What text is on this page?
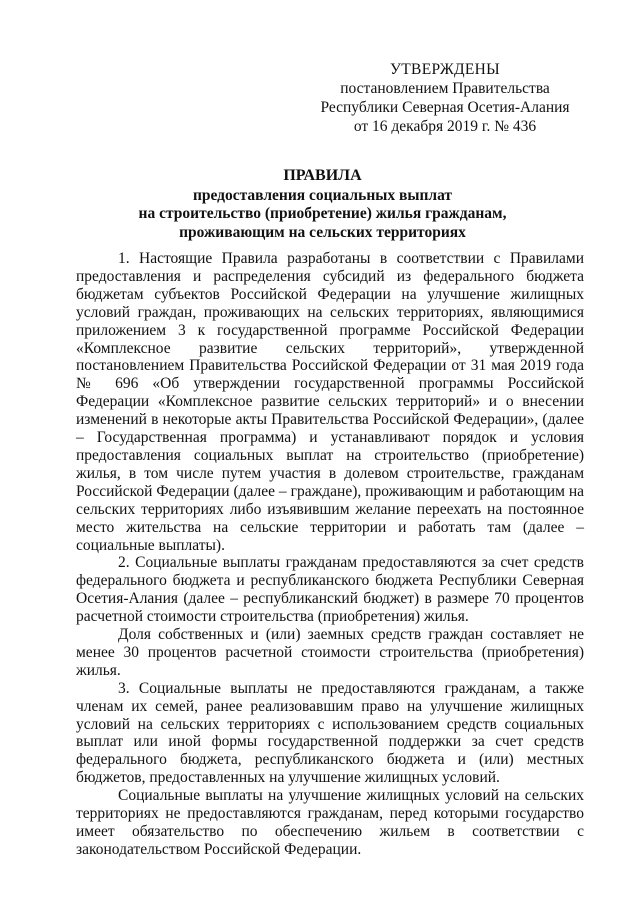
УТВЕРЖДЕНЫ
постановлением Правительства
Республики Северная Осетия-Алания
от 16 декабря 2019 г. № 436
ПРАВИЛА
предоставления социальных выплат
на строительство (приобретение) жилья гражданам,
проживающим на сельских территориях

1. Настоящие Правила разработаны в соответствии с Правилами предоставления и распределения субсидий из федерального бюджета бюджетам субъектов Российской Федерации на улучшение жилищных условий граждан, проживающих на сельских территориях, являющимися приложением 3 к государственной программе Российской Федерации «Комплексное развитие сельских территорий», утвержденной постановлением Правительства Российской Федерации от 31 мая 2019 года № 696 «Об утверждении государственной программы Российской Федерации «Комплексное развитие сельских территорий» и о внесении изменений в некоторые акты Правительства Российской Федерации», (далее – Государственная программа) и устанавливают порядок и условия предоставления социальных выплат на строительство (приобретение) жилья, в том числе путем участия в долевом строительстве, гражданам Российской Федерации (далее – граждане), проживающим и работающим на сельских территориях либо изъявившим желание переехать на постоянное место жительства на сельские территории и работать там (далее – социальные выплаты).

2. Социальные выплаты гражданам предоставляются за счет средств федерального бюджета и республиканского бюджета Республики Северная Осетия-Алания (далее – республиканский бюджет) в размере 70 процентов расчетной стоимости строительства (приобретения) жилья.

Доля собственных и (или) заемных средств граждан составляет не менее 30 процентов расчетной стоимости строительства (приобретения) жилья.

3. Социальные выплаты не предоставляются гражданам, а также членам их семей, ранее реализовавшим право на улучшение жилищных условий на сельских территориях с использованием средств социальных выплат или иной формы государственной поддержки за счет средств федерального бюджета, республиканского бюджета и (или) местных бюджетов, предоставленных на улучшение жилищных условий.

Социальные выплаты на улучшение жилищных условий на сельских территориях не предоставляются гражданам, перед которыми государство имеет обязательство по обеспечению жильем в соответствии с законодательством Российской Федерации.
